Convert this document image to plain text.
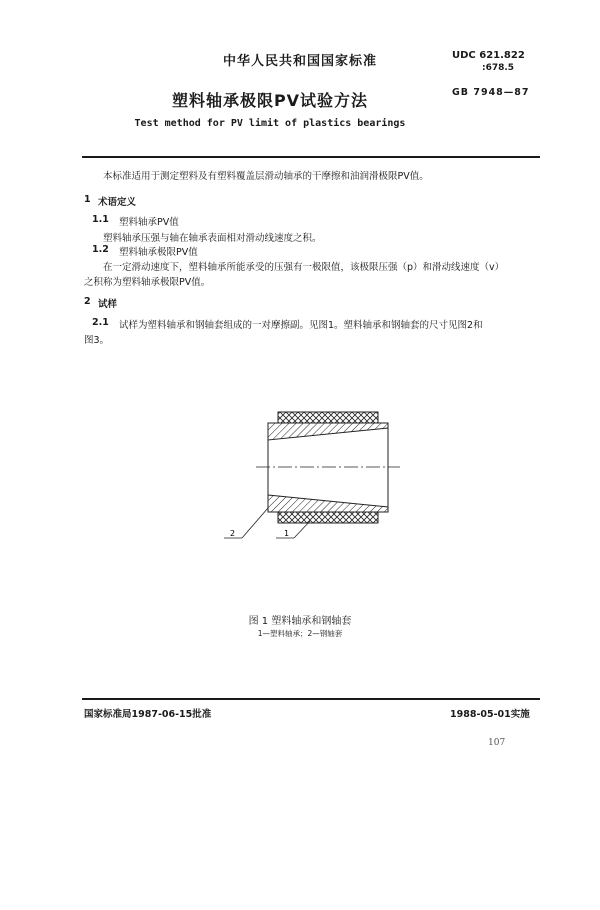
中华人民共和国国家标准	UDC 621.822
:678.5
GB 7948—87
塑料轴承极限PV试验方法
Test method for PV limit of plastics bearings
本标准适用于测定塑料及有塑料覆盖层滑动轴承的干摩擦和油润滑极限PV值。
1 术语定义
1.1 塑料轴承PV值
塑料轴承压强与轴在轴承表面相对滑动线速度之积。
1.2 塑料轴承极限PV值
在一定滑动速度下，塑料轴承所能承受的压强有一极限值，该极限压强（p）和滑动线速度（v）
之积称为塑料轴承极限PV值。
2 试样
2.1 试样为塑料轴承和钢轴套组成的一对摩擦副。见图1。塑料轴承和钢轴套的尺寸见图2和
图3。
2	1
图 1 塑料轴承和钢轴套
1—塑料轴承；2—钢轴套
国家标准局1987-06-15批准	1988-05-01实施
107
